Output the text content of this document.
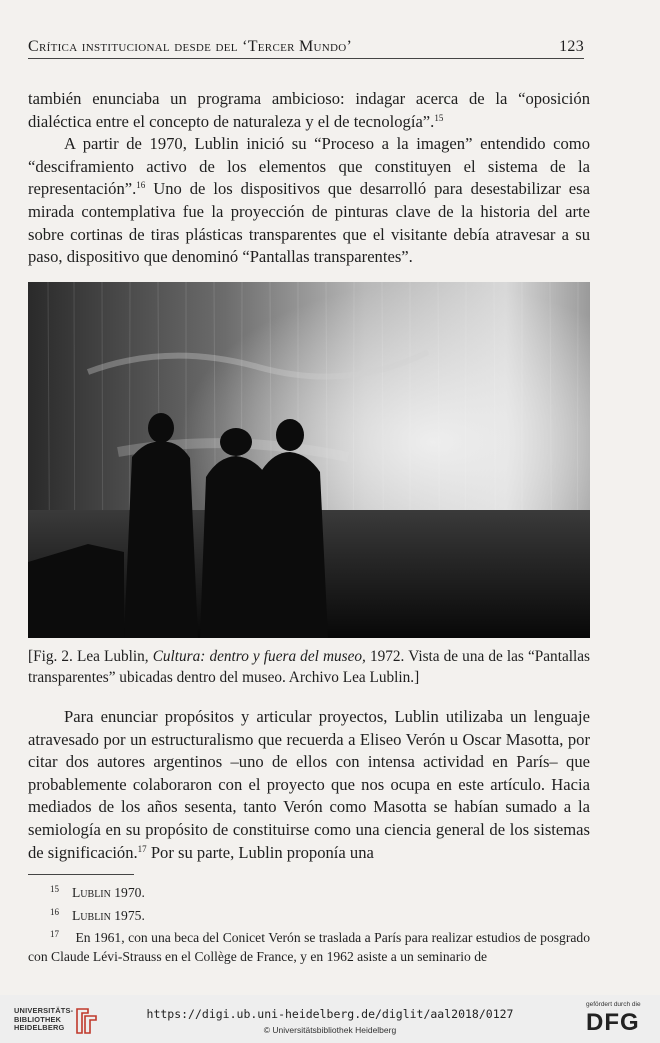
Crítica institucional desde del ‘Tercer Mundo’	123

también enunciaba un programa ambicioso: indagar acerca de la “oposición dialéctica entre el concepto de naturaleza y el de tecnología”.$^{15}$

A partir de 1970, Lublin inició su “Proceso a la imagen” entendido como “desciframiento activo de los elementos que constituyen el sistema de la representación”.$^{16}$ Uno de los dispositivos que desarrolló para desestabilizar esa mirada contemplativa fue la proyección de pinturas clave de la historia del arte sobre cortinas de tiras plásticas transparentes que el visitante debía atravesar a su paso, dispositivo que denominó “Pantallas transparentes”.

[Fig. 2. Lea Lublin, Cultura: dentro y fuera del museo, 1972. Vista de una de las “Pantallas transparentes” ubicadas dentro del museo. Archivo Lea Lublin.]

Para enunciar propósitos y articular proyectos, Lublin utilizaba un lenguaje atravesado por un estructuralismo que recuerda a Eliseo Verón u Oscar Masotta, por citar dos autores argentinos –uno de ellos con intensa actividad en París– que probablemente colaboraron con el proyecto que nos ocupa en este artículo. Hacia mediados de los años sesenta, tanto Verón como Masotta se habían sumado a la semiología en su propósito de constituirse como una ciencia general de los sistemas de significación.$^{17}$ Por su parte, Lublin proponía una

15 Lublin 1970.

16 Lublin 1975.

17 En 1961, con una beca del Conicet Verón se traslada a París para realizar estudios de posgrado con Claude Lévi-Strauss en el Collège de France, y en 1962 asiste a un seminario de

UNIVERSITÄTS-
BIBLIOTHEK
HEIDELBERG
https://digi.ub.uni-heidelberg.de/diglit/aal2018/0127
© Universitätsbibliothek Heidelberg
gefördert durch die
DFG
